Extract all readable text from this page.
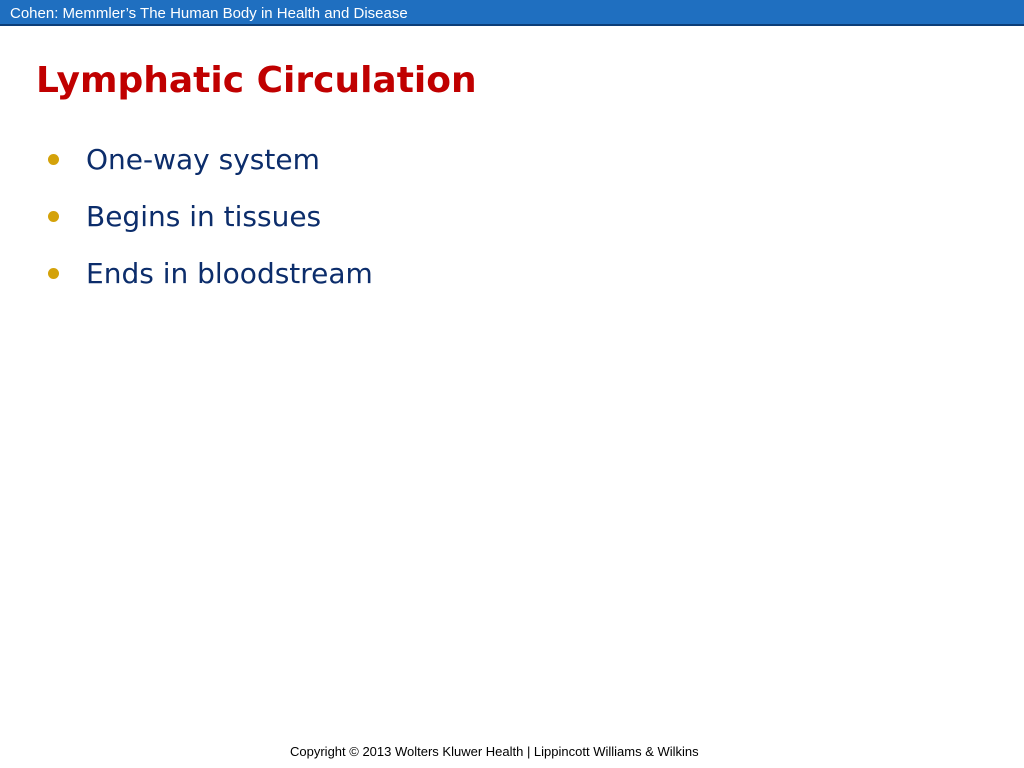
Cohen: Memmler’s The Human Body in Health and Disease
Lymphatic Circulation
One-way system
Begins in tissues
Ends in bloodstream
Copyright © 2013 Wolters Kluwer Health | Lippincott Williams & Wilkins
